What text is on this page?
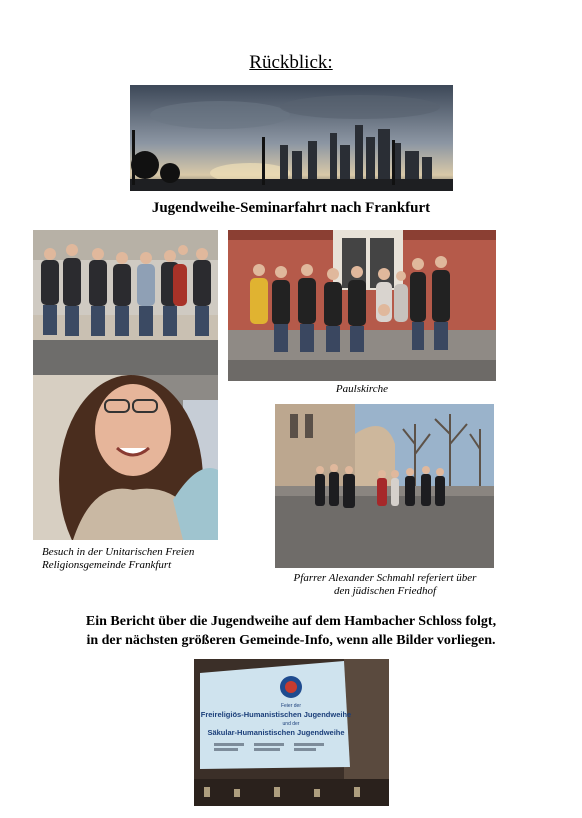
Rückblick:
Jugendweihe-Seminarfahrt nach Frankfurt
Besuch in der Unitarischen Freien
Religionsgemeinde Frankfurt
Paulskirche
Pfarrer Alexander Schmahl referiert über
den jüdischen Friedhof
Ein Bericht über die Jugendweihe auf dem Hambacher Schloss folgt,
in der nächsten größeren Gemeinde-Info, wenn alle Bilder vorliegen.
Feier der
Freireligiös-Humanistischen Jugendweihe
und der
Säkular-Humanistischen Jugendweihe
